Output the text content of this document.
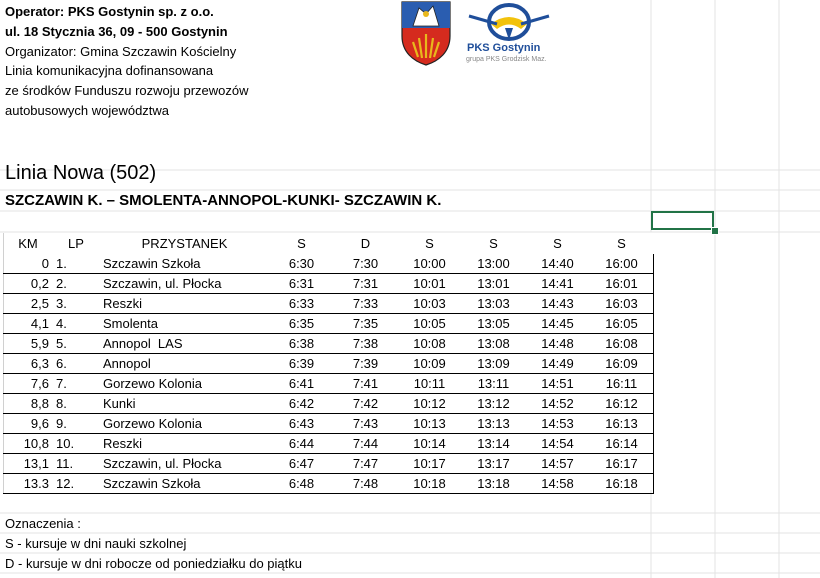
Operator: PKS Gostynin sp. z o.o.
ul. 18 Stycznia 36, 09 - 500 Gostynin
Organizator: Gmina Szczawin Kościelny
Linia komunikacyjna dofinansowana
ze środków Funduszu rozwoju przewozów
autobusowych województwa
PKS Gostynin
grupa PKS Grodzisk Maz.
Linia Nowa (502)
SZCZAWIN K. – SMOLENTA-ANNOPOL-KUNKI- SZCZAWIN K.
KM	LP	PRZYSTANEK	S	D	S	S	S	S
0	1.	Szczawin Szkoła	6:30	7:30	10:00	13:00	14:40	16:00
0,2	2.	Szczawin, ul. Płocka	6:31	7:31	10:01	13:01	14:41	16:01
2,5	3.	Reszki	6:33	7:33	10:03	13:03	14:43	16:03
4,1	4.	Smolenta	6:35	7:35	10:05	13:05	14:45	16:05
5,9	5.	Annopol  LAS	6:38	7:38	10:08	13:08	14:48	16:08
6,3	6.	Annopol	6:39	7:39	10:09	13:09	14:49	16:09
7,6	7.	Gorzewo Kolonia	6:41	7:41	10:11	13:11	14:51	16:11
8,8	8.	Kunki	6:42	7:42	10:12	13:12	14:52	16:12
9,6	9.	Gorzewo Kolonia	6:43	7:43	10:13	13:13	14:53	16:13
10,8	10.	Reszki	6:44	7:44	10:14	13:14	14:54	16:14
13,1	11.	Szczawin, ul. Płocka	6:47	7:47	10:17	13:17	14:57	16:17
13.3	12.	Szczawin Szkoła	6:48	7:48	10:18	13:18	14:58	16:18
Oznaczenia :
S - kursuje w dni nauki szkolnej
D - kursuje w dni robocze od poniedziałku do piątku
